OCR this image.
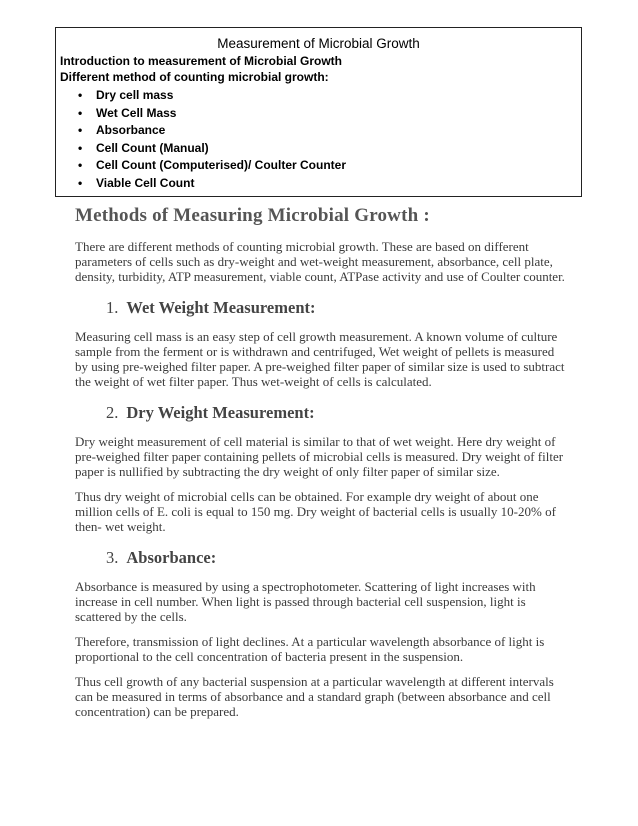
Measurement of Microbial Growth
Introduction to measurement of Microbial Growth
Different method of counting microbial growth:
• Dry cell mass
• Wet Cell Mass
• Absorbance
• Cell Count (Manual)
• Cell Count (Computerised)/ Coulter Counter
• Viable Cell Count
Methods of Measuring Microbial Growth :

There are different methods of counting microbial growth. These are based on different parameters of cells such as dry-weight and wet-weight measurement, absorbance, cell plate, density, turbidity, ATP measurement, viable count, ATPase activity and use of Coulter counter.

1. Wet Weight Measurement:

Measuring cell mass is an easy step of cell growth measurement. A known volume of culture sample from the ferment or is withdrawn and centrifuged, Wet weight of pellets is measured by using pre-weighed filter paper. A pre-weighed filter paper of similar size is used to subtract the weight of wet filter paper. Thus wet-weight of cells is calculated.

2. Dry Weight Measurement:

Dry weight measurement of cell material is similar to that of wet weight. Here dry weight of pre-weighed filter paper containing pellets of microbial cells is measured. Dry weight of filter paper is nullified by subtracting the dry weight of only filter paper of similar size.

Thus dry weight of microbial cells can be obtained. For example dry weight of about one million cells of E. coli is equal to 150 mg. Dry weight of bacterial cells is usually 10-20% of then- wet weight.

3. Absorbance:

Absorbance is measured by using a spectrophotometer. Scattering of light increases with increase in cell number. When light is passed through bacterial cell suspension, light is scattered by the cells.

Therefore, transmission of light declines. At a particular wavelength absorbance of light is proportional to the cell concentration of bacteria present in the suspension.

Thus cell growth of any bacterial suspension at a particular wavelength at different intervals can be measured in terms of absorbance and a standard graph (between absorbance and cell concentration) can be prepared.
